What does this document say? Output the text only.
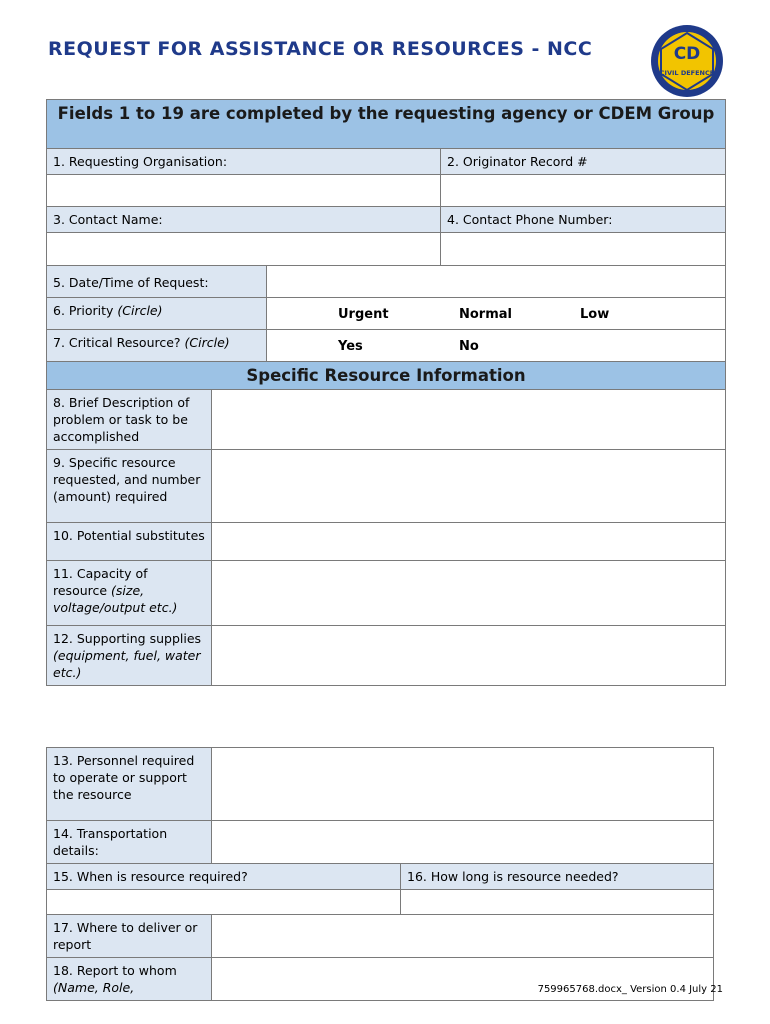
REQUEST FOR ASSISTANCE OR RESOURCES - NCC	CD
CIVIL DEFENCE
Fields 1 to 19 are completed by the requesting agency or CDEM Group			
1. Requesting Organisation:			2. Originator Record #

3. Contact Name:			4. Contact Phone Number:

5. Date/Time of Request:			
6. Priority (Circle)		Urgent Normal Low	

7. Critical Resource? (Circle)		Yes No	

Specific Resource Information			
8. Brief Description of problem or task to be accomplished			
9. Specific resource requested, and number (amount) required			
10. Potential substitutes			
11. Capacity of resource (size, voltage/output etc.)			
12. Supporting supplies (equipment, fuel, water etc.)			
13. Personnel required to operate or support the resource		
14. Transportation details:		
15. When is resource required?		16. How long is resource needed?

17. Where to deliver or report		
18. Report to whom (Name, Role,			759965768.docx_ Version 0.4 July 21
